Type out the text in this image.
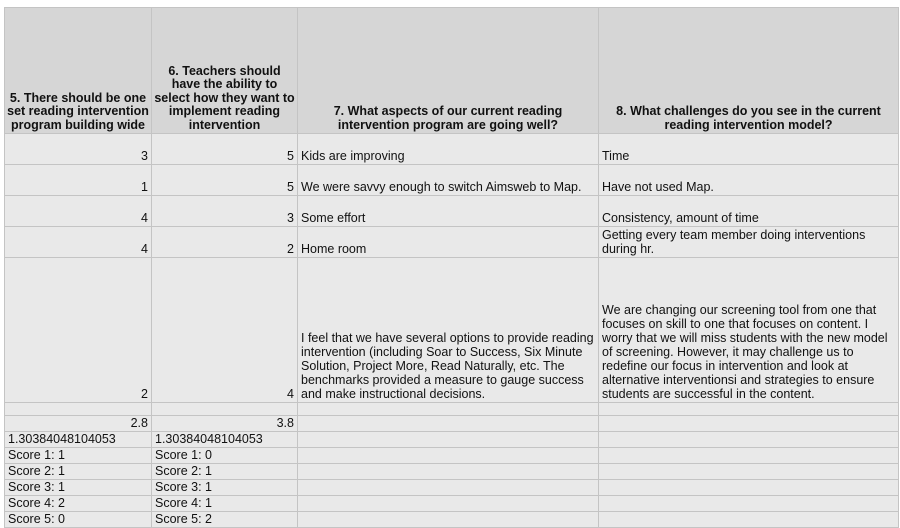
5. There should be one set reading intervention program building wide	6. Teachers should have the ability to select how they want to implement reading intervention	7. What aspects of our current reading intervention program are going well?	8. What challenges do you see in the current reading intervention model?
3	5	Kids are improving	Time
1	5	We were savvy enough to switch Aimsweb to Map.	Have not used Map.
4	3	Some effort	Consistency, amount of time
4	2	Home room	Getting every team member doing interventions during hr.
2	4	I feel that we have several options to provide reading intervention (including Soar to Success, Six Minute Solution, Project More, Read Naturally, etc. The benchmarks provided a measure to gauge success and make instructional decisions.	We are changing our screening tool from one that focuses on skill to one that focuses on content. I worry that we will miss students with the new model of screening. However, it may challenge us to redefine our focus in intervention and look at alternative interventionsi and strategies to ensure students are successful in the content.

2.8	3.8		
1.30384048104053	1.30384048104053		
Score 1: 1	Score 1: 0		
Score 2: 1	Score 2: 1		
Score 3: 1	Score 3: 1		
Score 4: 2	Score 4: 1		
Score 5: 0	Score 5: 2		
